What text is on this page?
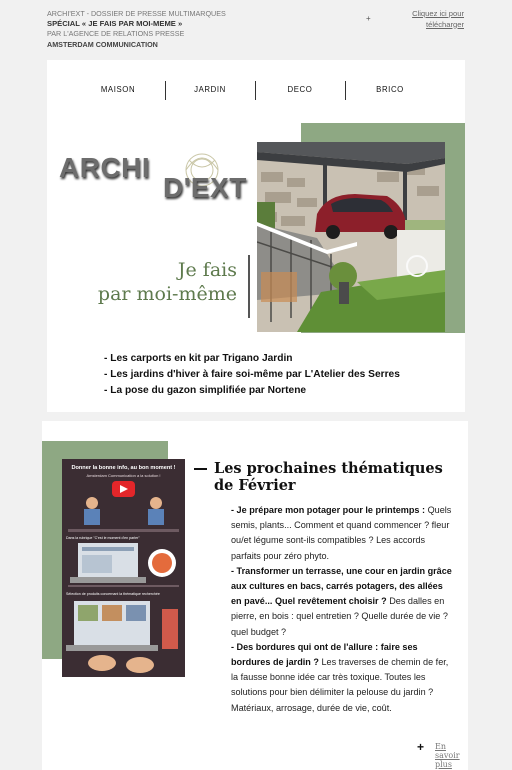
ARCHI'EXT - DOSSIER DE PRESSE MULTIMARQUES
SPÉCIAL « JE FAIS PAR MOI-MEME »
PAR L'AGENCE DE RELATIONS PRESSE
AMSTERDAM COMMUNICATION
+
Cliquez ici pour
télécharger
MAISON	JARDIN	DECO	BRICO
ARCHI
D'EXT
Je fais
par moi-même
- Les carports en kit par Trigano Jardin
- Les jardins d'hiver à faire soi-même par L'Atelier des Serres
- La pose du gazon simplifiée par Nortene
Donner la bonne info, au bon moment !
Amsterdam Communication a la solution !
Dans la rubrique "C'est le moment d'en parler"
Sélection de produits concernant la thématique recherchée
Les prochaines thématiques
de Février

- Je prépare mon potager pour le printemps : Quels semis, plants... Comment et quand commencer ? fleur ou/et légume sont-ils compatibles ? Les accords parfaits pour zéro phyto.

- Transformer un terrasse, une cour en jardin grâce aux cultures en bacs, carrés potagers, des allées en pavé... Quel revêtement choisir ? Des dalles en pierre, en bois : quel entretien ? Quelle durée de vie ? quel budget ?

- Des bordures qui ont de l'allure : faire ses bordures de jardin ? Les traverses de chemin de fer, la fausse bonne idée car très toxique. Toutes les solutions pour bien délimiter la pelouse du jardin ? Matériaux, arrosage, durée de vie, coût.

+ En savoir plus
